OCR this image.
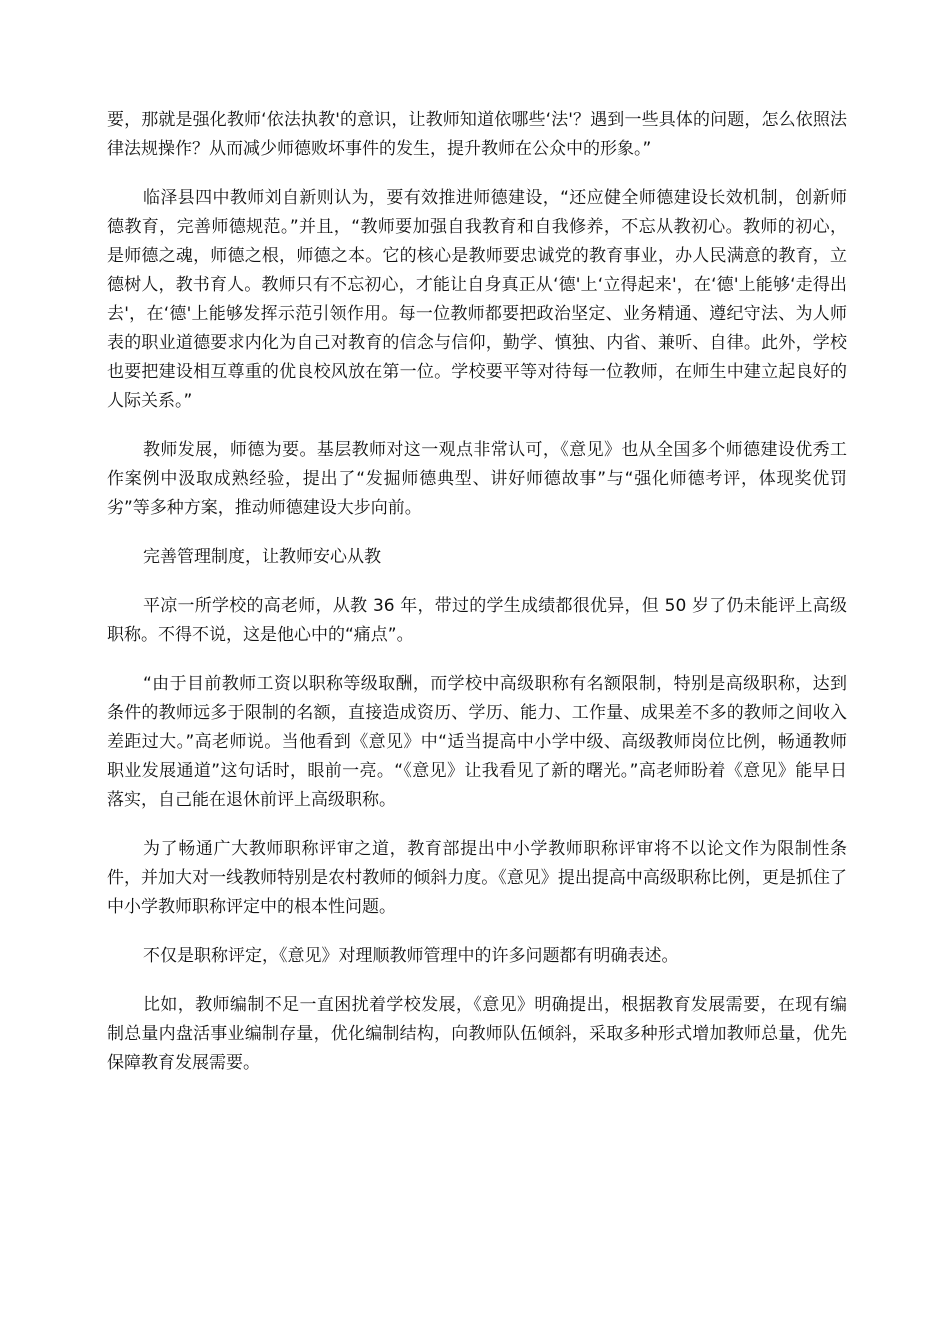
要，那就是强化教师‘依法执教'的意识，让教师知道依哪些‘法'？遇到一些具体的问题，怎么依照法律法规操作？从而减少师德败坏事件的发生，提升教师在公众中的形象。”

临泽县四中教师刘自新则认为，要有效推进师德建设，“还应健全师德建设长效机制，创新师德教育，完善师德规范。”并且，“教师要加强自我教育和自我修养，不忘从教初心。教师的初心，是师德之魂，师德之根，师德之本。它的核心是教师要忠诚党的教育事业，办人民满意的教育，立德树人，教书育人。教师只有不忘初心，才能让自身真正从‘德'上‘立得起来'，在‘德'上能够‘走得出去'，在‘德'上能够发挥示范引领作用。每一位教师都要把政治坚定、业务精通、遵纪守法、为人师表的职业道德要求内化为自己对教育的信念与信仰，勤学、慎独、内省、兼听、自律。此外，学校也要把建设相互尊重的优良校风放在第一位。学校要平等对待每一位教师，在师生中建立起良好的人际关系。”

教师发展，师德为要。基层教师对这一观点非常认可，《意见》也从全国多个师德建设优秀工作案例中汲取成熟经验，提出了“发掘师德典型、讲好师德故事”与“强化师德考评，体现奖优罚劣”等多种方案，推动师德建设大步向前。

完善管理制度，让教师安心从教

平凉一所学校的高老师，从教 36 年，带过的学生成绩都很优异，但 50 岁了仍未能评上高级职称。不得不说，这是他心中的“痛点”。

“由于目前教师工资以职称等级取酬，而学校中高级职称有名额限制，特别是高级职称，达到条件的教师远多于限制的名额，直接造成资历、学历、能力、工作量、成果差不多的教师之间收入差距过大。”高老师说。当他看到《意见》中“适当提高中小学中级、高级教师岗位比例，畅通教师职业发展通道”这句话时，眼前一亮。“《意见》让我看见了新的曙光。”高老师盼着《意见》能早日落实，自己能在退休前评上高级职称。

为了畅通广大教师职称评审之道，教育部提出中小学教师职称评审将不以论文作为限制性条件，并加大对一线教师特别是农村教师的倾斜力度。《意见》提出提高中高级职称比例，更是抓住了中小学教师职称评定中的根本性问题。

不仅是职称评定，《意见》对理顺教师管理中的许多问题都有明确表述。

比如，教师编制不足一直困扰着学校发展，《意见》明确提出，根据教育发展需要，在现有编制总量内盘活事业编制存量，优化编制结构，向教师队伍倾斜，采取多种形式增加教师总量，优先保障教育发展需要。
